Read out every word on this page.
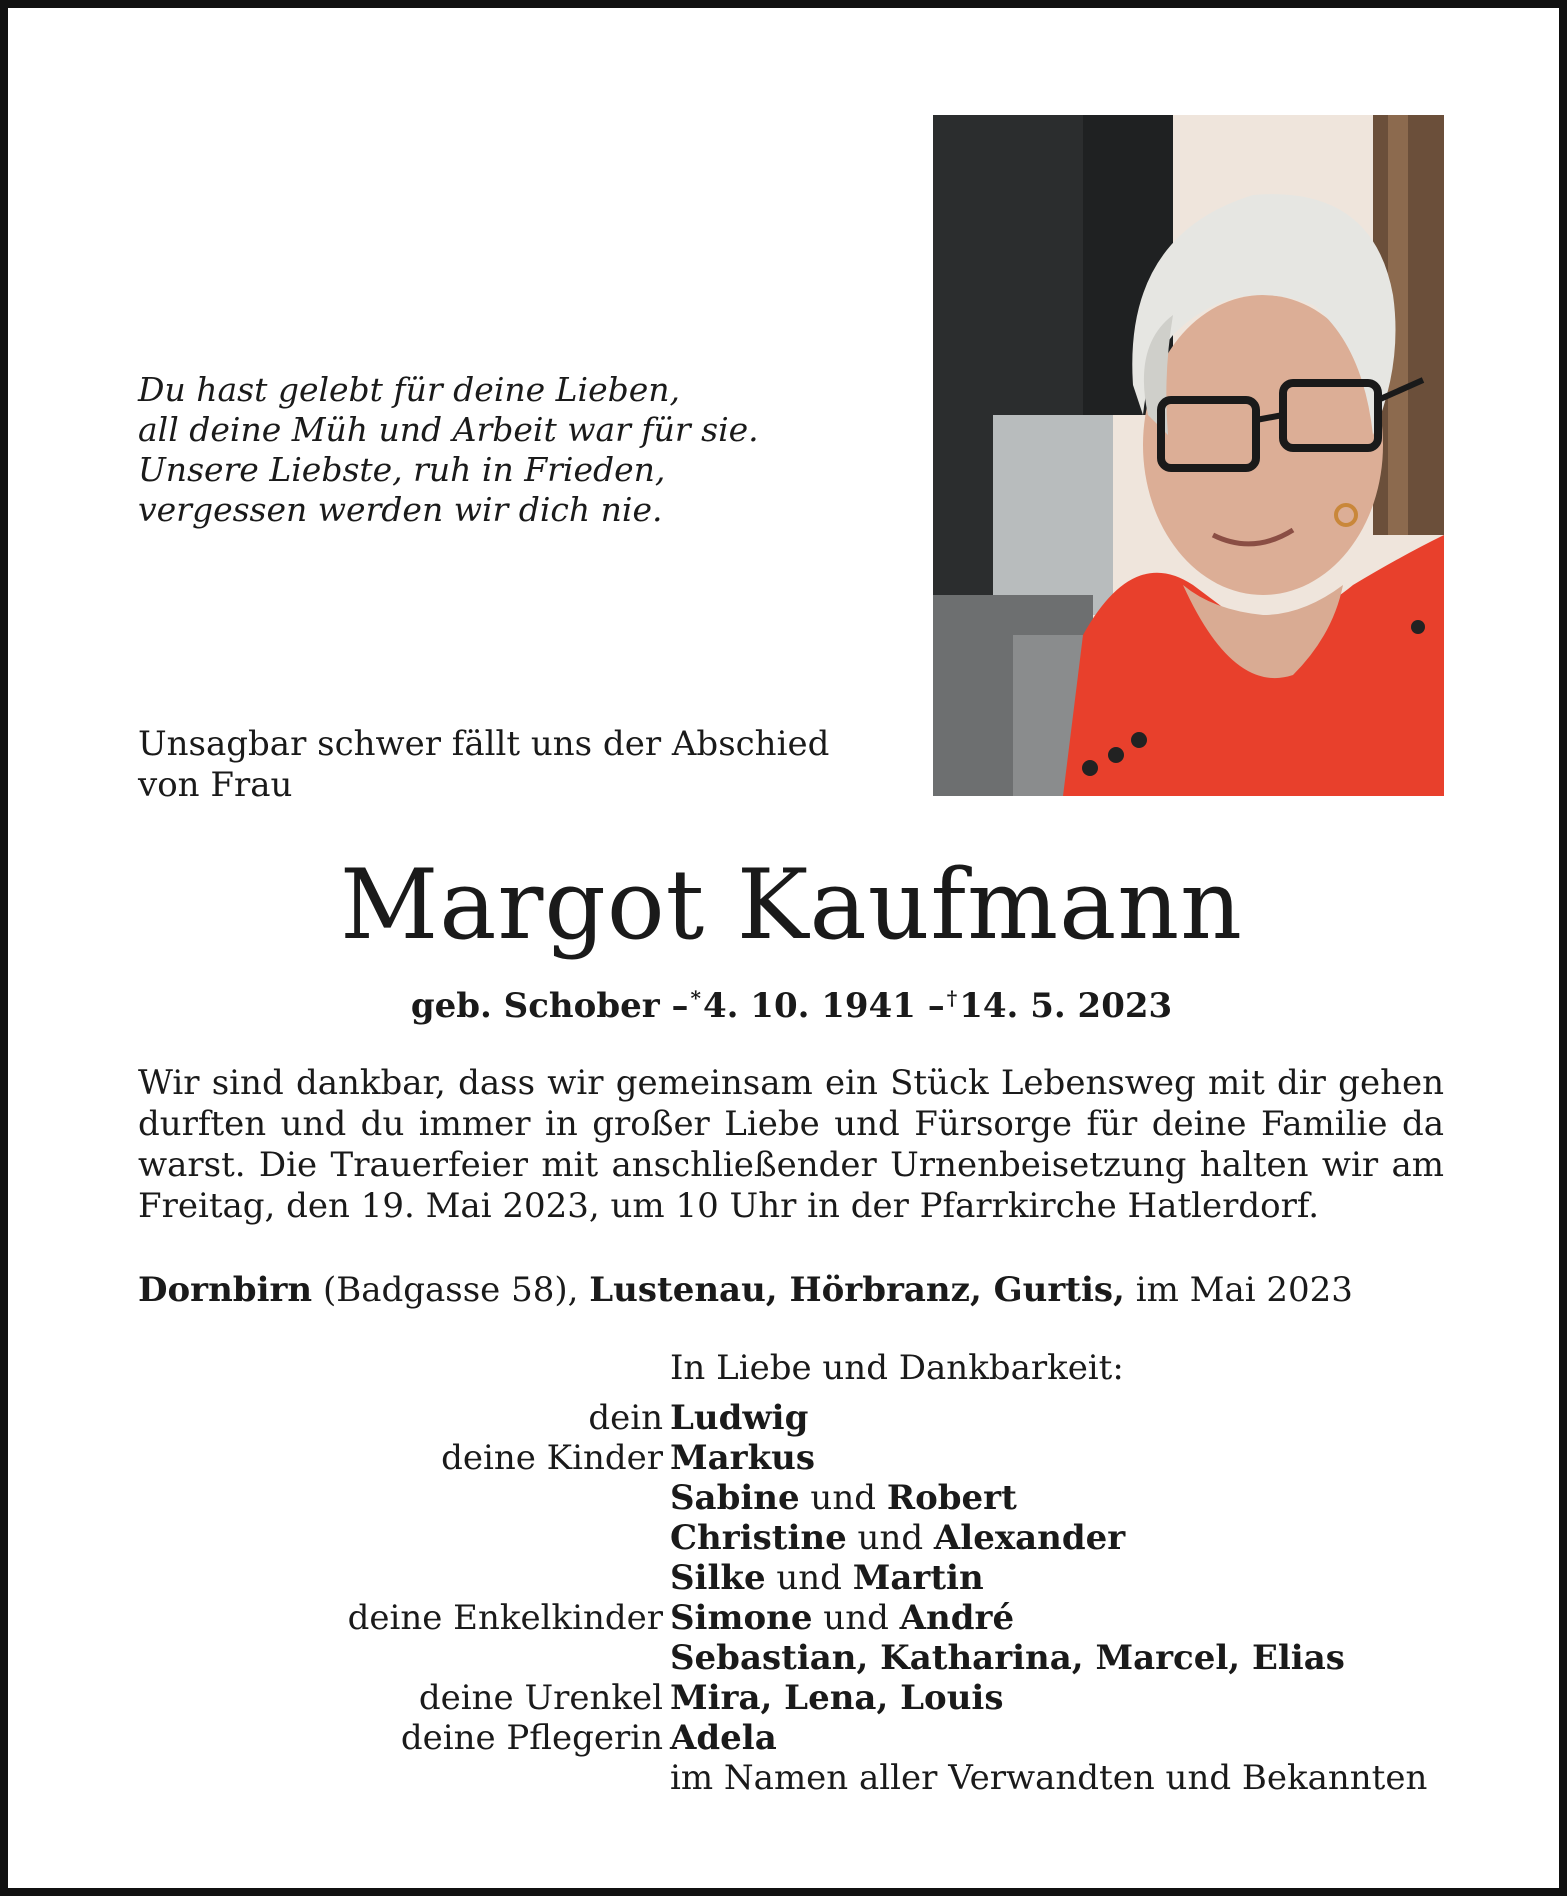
Du hast gelebt für deine Lieben,
all deine Müh und Arbeit war für sie.
Unsere Liebste, ruh in Frieden,
vergessen werden wir dich nie.
Unsagbar schwer fällt uns der Abschied
von Frau
Margot Kaufmann
geb. Schober – *4. 10. 1941 – †14. 5. 2023
Wir sind dankbar, dass wir gemeinsam ein Stück Lebensweg mit dir gehen
durften und du immer in großer Liebe und Fürsorge für deine Familie da
warst. Die Trauerfeier mit anschließender Urnenbeisetzung halten wir am
Freitag, den 19. Mai 2023, um 10 Uhr in der Pfarrkirche Hatlerdorf.
Dornbirn (Badgasse 58), Lustenau, Hörbranz, Gurtis, im Mai 2023
In Liebe und Dankbarkeit:
dein Ludwig
deine Kinder Markus
Sabine und Robert
Christine und Alexander
Silke und Martin
deine Enkelkinder Simone und André
Sebastian, Katharina, Marcel, Elias
deine Urenkel Mira, Lena, Louis
deine Pflegerin Adela
im Namen aller Verwandten und Bekannten
